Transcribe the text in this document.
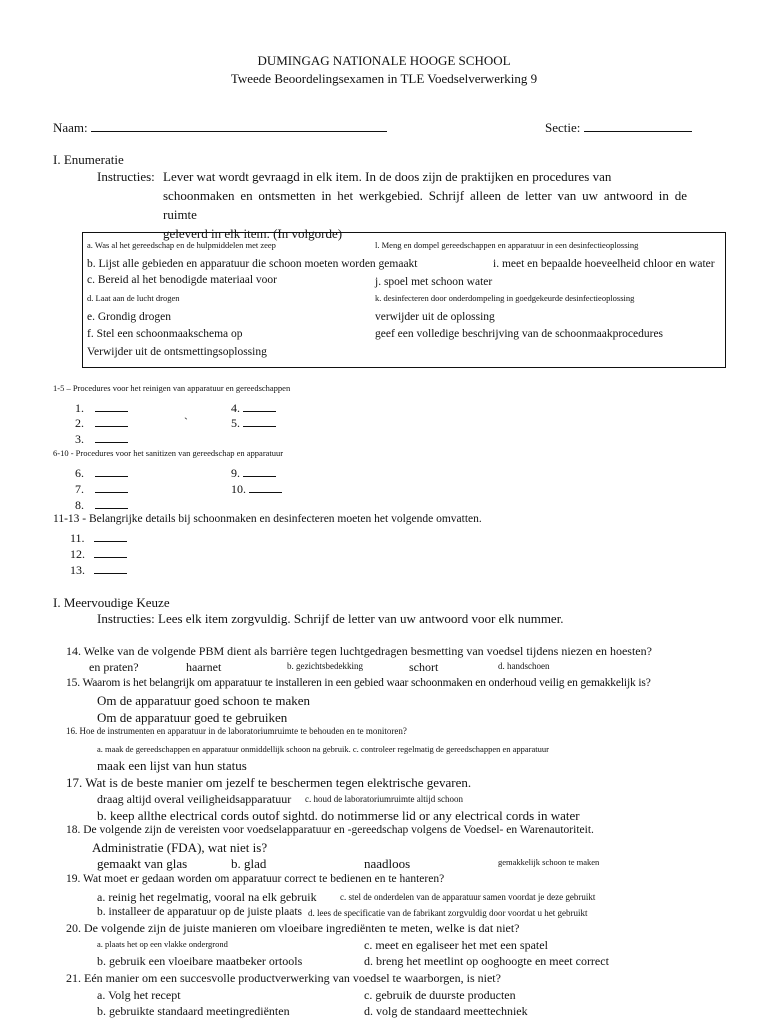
DUMINGAG NATIONALE HOOGE SCHOOL
Tweede Beoordelingsexamen in TLE Voedselverwerking 9
Naam:	Sectie:
I. Enumeratie
Instructies: Lever wat wordt gevraagd in elk item. In de doos zijn de praktijken en procedures van
schoonmaken en ontsmetten in het werkgebied. Schrijf alleen de letter van uw antwoord in de ruimte
geleverd in elk item. (In volgorde)
a. Was al het gereedschap en de hulpmiddelen met zeep	l. Meng en dompel gereedschappen en apparatuur in een desinfectieoplossing
b. Lijst alle gebieden en apparatuur die schoon moeten worden gemaakt	i. meet en bepaalde hoeveelheid chloor en water
c. Bereid al het benodigde materiaal voor	j. spoel met schoon water
d. Laat aan de lucht drogen	k. desinfecteren door onderdompeling in goedgekeurde desinfectieoplossing
e. Grondig drogen	verwijder uit de oplossing
f. Stel een schoonmaakschema op	geef een volledige beschrijving van de schoonmaakprocedures
Verwijder uit de ontsmettingsoplossing
1-5 – Procedures voor het reinigen van apparatuur en gereedschappen
1.
2.
3.
`
4.
5.
6-10 - Procedures voor het sanitizen van gereedschap en apparatuur
6.
7.
8.
9.
10.
11-13 - Belangrijke details bij schoonmaken en desinfecteren moeten het volgende omvatten.
11.
12.
13.
I. Meervoudige Keuze
Instructies: Lees elk item zorgvuldig. Schrijf de letter van uw antwoord voor elk nummer.
14. Welke van de volgende PBM dient als barrière tegen luchtgedragen besmetting van voedsel tijdens niezen en hoesten?
en praten?	haarnet	b. gezichtsbedekking	schort	d. handschoen
15. Waarom is het belangrijk om apparatuur te installeren in een gebied waar schoonmaken en onderhoud veilig en gemakkelijk is?
Om de apparatuur goed schoon te maken
Om de apparatuur goed te gebruiken
16. Hoe de instrumenten en apparatuur in de laboratoriumruimte te behouden en te monitoren?
a. maak de gereedschappen en apparatuur onmiddellijk schoon na gebruik. c. controleer regelmatig de gereedschappen en apparatuur
maak een lijst van hun status
17. Wat is de beste manier om jezelf te beschermen tegen elektrische gevaren.
draag altijd overal veiligheidsapparatuur c. houd de laboratoriumruimte altijd schoon
b. keep allthe electrical cords outof sightd. do notimmerse lid or any electrical cords in water
18. De volgende zijn de vereisten voor voedselapparatuur en -gereedschap volgens de Voedsel- en Warenautoriteit.
Administratie (FDA), wat niet is?
gemaakt van glas	b. glad	naadloos	gemakkelijk schoon te maken
19. Wat moet er gedaan worden om apparatuur correct te bedienen en te hanteren?
a. reinig het regelmatig, vooral na elk gebruik	c. stel de onderdelen van de apparatuur samen voordat je deze gebruikt
b. installeer de apparatuur op de juiste plaats d. lees de specificatie van de fabrikant zorgvuldig door voordat u het gebruikt
20. De volgende zijn de juiste manieren om vloeibare ingrediënten te meten, welke is dat niet?
a. plaats het op een vlakke ondergrond	c. meet en egaliseer het met een spatel
b. gebruik een vloeibare maatbeker ortools	d. breng het meetlint op ooghoogte en meet correct
21. Eén manier om een succesvolle productverwerking van voedsel te waarborgen, is niet?
a. Volg het recept	c. gebruik de duurste producten
b. gebruikte standaard meetingrediënten	d. volg de standaard meettechniek
